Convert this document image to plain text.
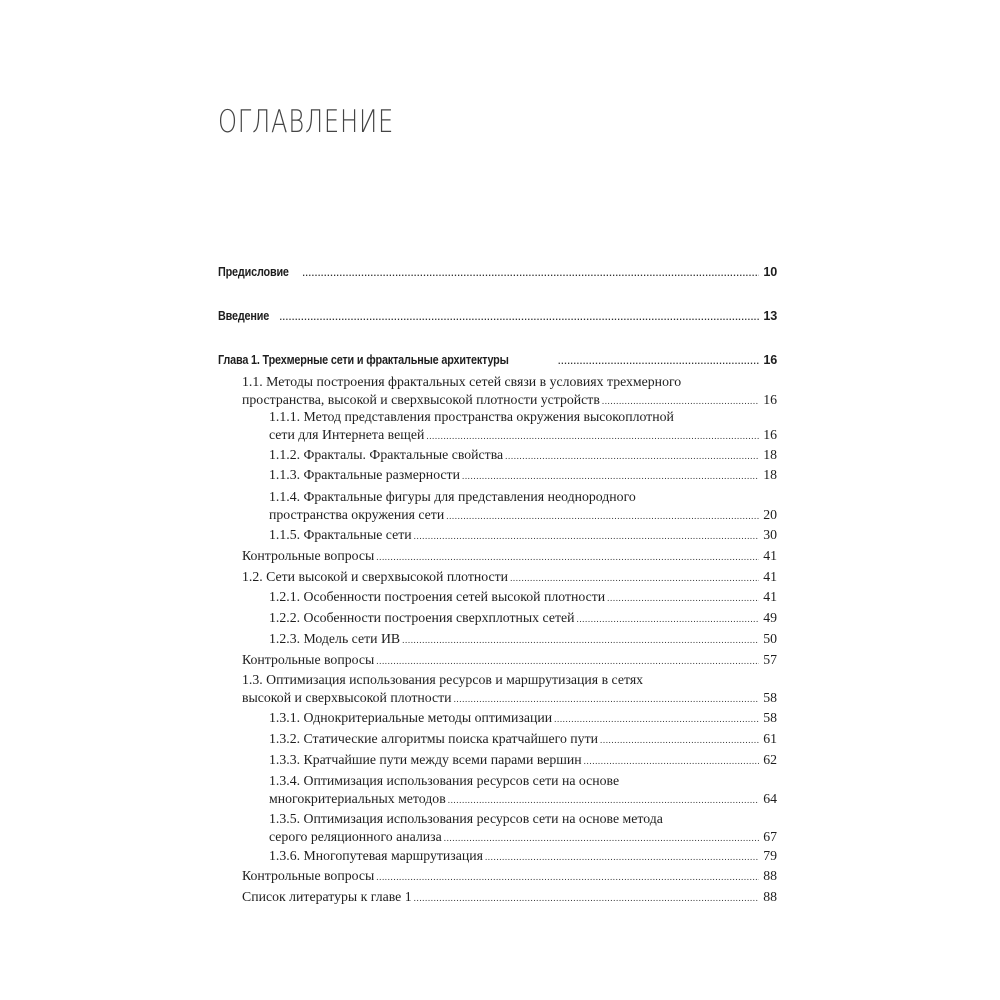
ОГЛАВЛЕНИЕ
Предисловие .....	10
Введение .....	13
Глава 1. Трехмерные сети и фрактальные архитектуры .....	16
1.1. Методы построения фрактальных сетей связи в условиях трехмерного
пространства, высокой и сверхвысокой плотности устройств .....	16
1.1.1. Метод представления пространства окружения высокоплотной
сети для Интернета вещей .....	16
1.1.2. Фракталы. Фрактальные свойства .....	18
1.1.3. Фрактальные размерности .....	18
1.1.4. Фрактальные фигуры для представления неоднородного
пространства окружения сети .....	20
1.1.5. Фрактальные сети .....	30
Контрольные вопросы .....	41
1.2. Сети высокой и сверхвысокой плотности .....	41
1.2.1. Особенности построения сетей высокой плотности .....	41
1.2.2. Особенности построения сверхплотных сетей .....	49
1.2.3. Модель сети ИВ .....	50
Контрольные вопросы .....	57
1.3. Оптимизация использования ресурсов и маршрутизация в сетях
высокой и сверхвысокой плотности .....	58
1.3.1. Однокритериальные методы оптимизации .....	58
1.3.2. Статические алгоритмы поиска кратчайшего пути .....	61
1.3.3. Кратчайшие пути между всеми парами вершин .....	62
1.3.4. Оптимизация использования ресурсов сети на основе
многокритериальных методов .....	64
1.3.5. Оптимизация использования ресурсов сети на основе метода
серого реляционного анализа .....	67
1.3.6. Многопутевая маршрутизация .....	79
Контрольные вопросы .....	88
Список литературы к главе 1 .....	88
